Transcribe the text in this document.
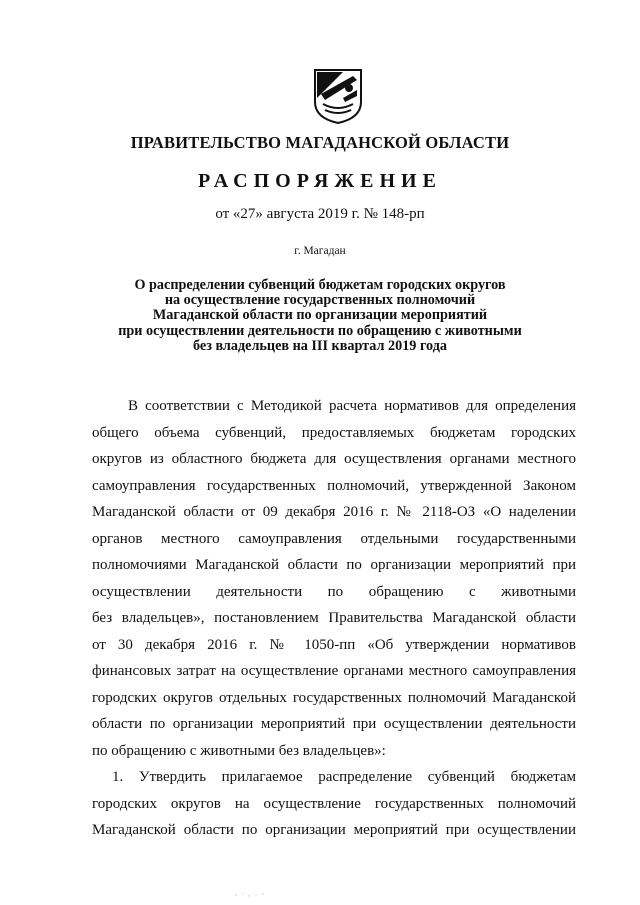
ПРАВИТЕЛЬСТВО МАГАДАНСКОЙ ОБЛАСТИ
РАСПОРЯЖЕНИЕ
от «27» августа 2019 г. № 148-рп
г. Магадан
О распределении субвенций бюджетам городских округов
на осуществление государственных полномочий
Магаданской области по организации мероприятий
при осуществлении деятельности по обращению с животными
без владельцев на III квартал 2019 года
В соответствии с Методикой расчета нормативов для определения
общего объема субвенций, предоставляемых бюджетам городских
округов из областного бюджета для осуществления органами местного
самоуправления государственных полномочий, утвержденной Законом
Магаданской области от 09 декабря 2016 г. № 2118-ОЗ «О наделении
органов местного самоуправления отдельными государственными
полномочиями Магаданской области по организации мероприятий при
осуществлении деятельности по обращению с животными
без владельцев», постановлением Правительства Магаданской области
от 30 декабря 2016 г. № 1050-пп «Об утверждении нормативов
финансовых затрат на осуществление органами местного самоуправления
городских округов отдельных государственных полномочий Магаданской
области по организации мероприятий при осуществлении деятельности
по обращению с животными без владельцев»:
1. Утвердить прилагаемое распределение субвенций бюджетам
городских округов на осуществление государственных полномочий
Магаданской области по организации мероприятий при осуществлении
